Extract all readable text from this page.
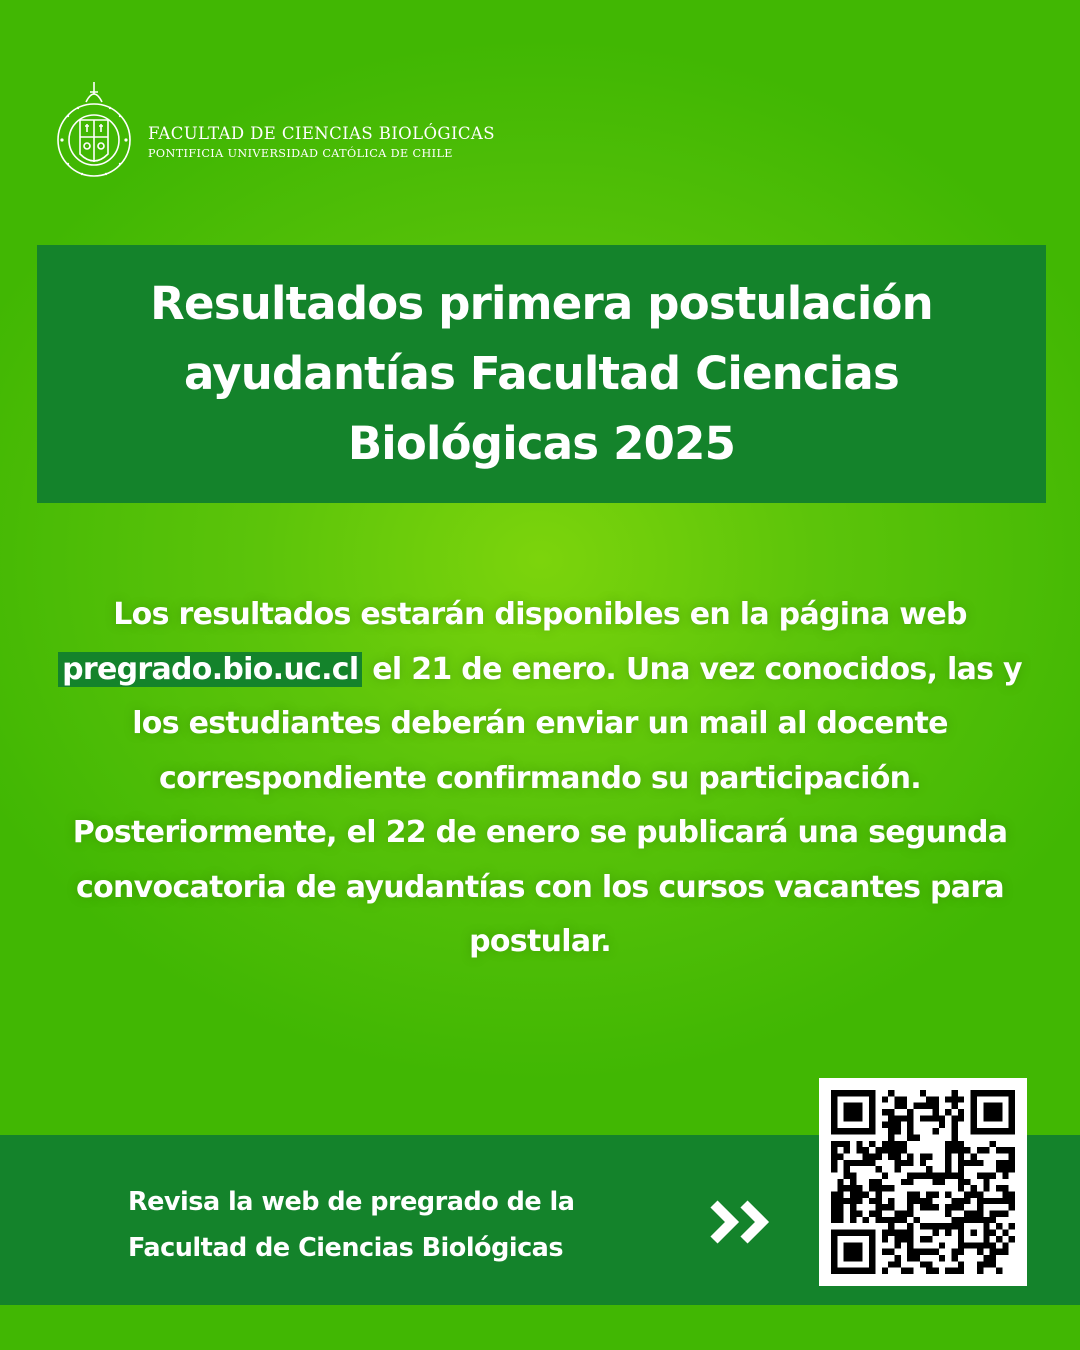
FACULTAD DE CIENCIAS BIOLÓGICAS
PONTIFICIA UNIVERSIDAD CATÓLICA DE CHILE
Resultados primera postulación
ayudantías Facultad Ciencias
Biológicas 2025
Los resultados estarán disponibles en la página web pregrado.bio.uc.cl el 21 de enero. Una vez conocidos, las y los estudiantes deberán enviar un mail al docente correspondiente confirmando su participación. Posteriormente, el 22 de enero se publicará una segunda convocatoria de ayudantías con los cursos vacantes para postular.
Revisa la web de pregrado de la
Facultad de Ciencias Biológicas
